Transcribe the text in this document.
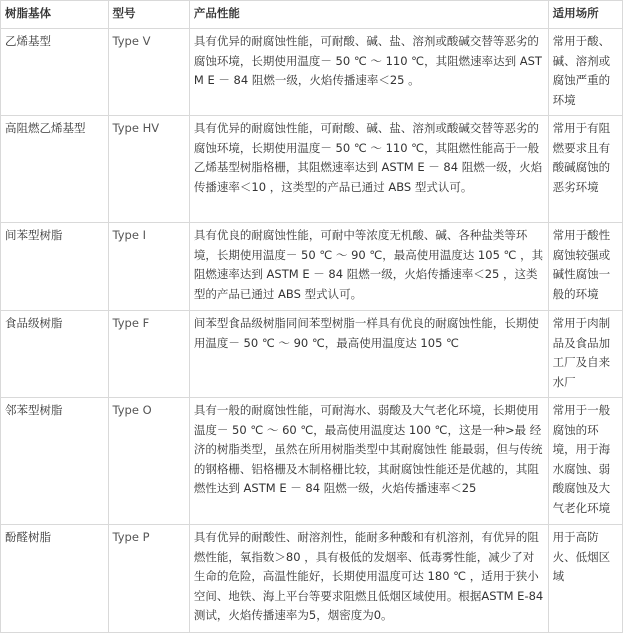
树脂基体	型号	产品性能	适用场所
乙烯基型	Type V	具有优异的耐腐蚀性能，可耐酸、碱、盐、溶剂或酸碱交替等恶劣的腐蚀环境，长期使用温度－ 50 ℃ ～ 110 ℃，其阻燃速率达到 ASTM E － 84 阻燃一级，火焰传播速率＜25 。	常用于酸、碱、溶剂或腐蚀严重的环境
高阻燃乙烯基型	Type HV	具有优异的耐腐蚀性能，可耐酸、碱、盐、溶剂或酸碱交替等恶劣的腐蚀环境，长期使用温度－ 50 ℃ ～ 110 ℃，其阻燃性能高于一般乙烯基型树脂格栅，其阻燃速率达到 ASTM E － 84 阻燃一级，火焰传播速率＜10 ，这类型的产品已通过 ABS 型式认可。	常用于有阻燃要求且有酸碱腐蚀的恶劣环境
间苯型树脂	Type I	具有优良的耐腐蚀性能，可耐中等浓度无机酸、碱、各种盐类等环境，长期使用温度－ 50 ℃ ～ 90 ℃，最高使用温度达 105 ℃ ，其阻燃速率达到 ASTM E － 84 阻燃一级，火焰传播速率＜25 ，这类型的产品已通过 ABS 型式认可。	常用于酸性腐蚀较强或碱性腐蚀一般的环境
食品级树脂	Type F	间苯型食品级树脂同间苯型树脂一样具有优良的耐腐蚀性能，长期使用温度－ 50 ℃ ～ 90 ℃，最高使用温度达 105 ℃	常用于肉制品及食品加工厂及自来水厂
邻苯型树脂	Type O	具有一般的耐腐蚀性能，可耐海水、弱酸及大气老化环境，长期使用温度－ 50 ℃ ～ 60 ℃，最高使用温度达 100 ℃，这是一种>最 经济的树脂类型，虽然在所用树脂类型中其耐腐蚀性 能最弱，但与传统的钢格栅、铝格栅及木制格栅比较，其耐腐蚀性能还是优越的，其阻燃性达到 ASTM E － 84 阻燃一级，火焰传播速率＜25	常用于一般腐蚀的环境，用于海水腐蚀、弱酸腐蚀及大气老化环境
酚醛树脂	Type P	具有优异的耐酸性、耐溶剂性，能耐多种酸和有机溶剂，有优异的阻燃性能，氧指数＞80 ，具有极低的发烟率、低毒雾性能，减少了对生命的危险，高温性能好，长期使用温度可达 180 ℃ ，适用于狭小空间、地铁、海上平台等要求阻燃且低烟区域使用。根据ASTM E-84测试，火焰传播速率为5，烟密度为0。	用于高防火、低烟区域
